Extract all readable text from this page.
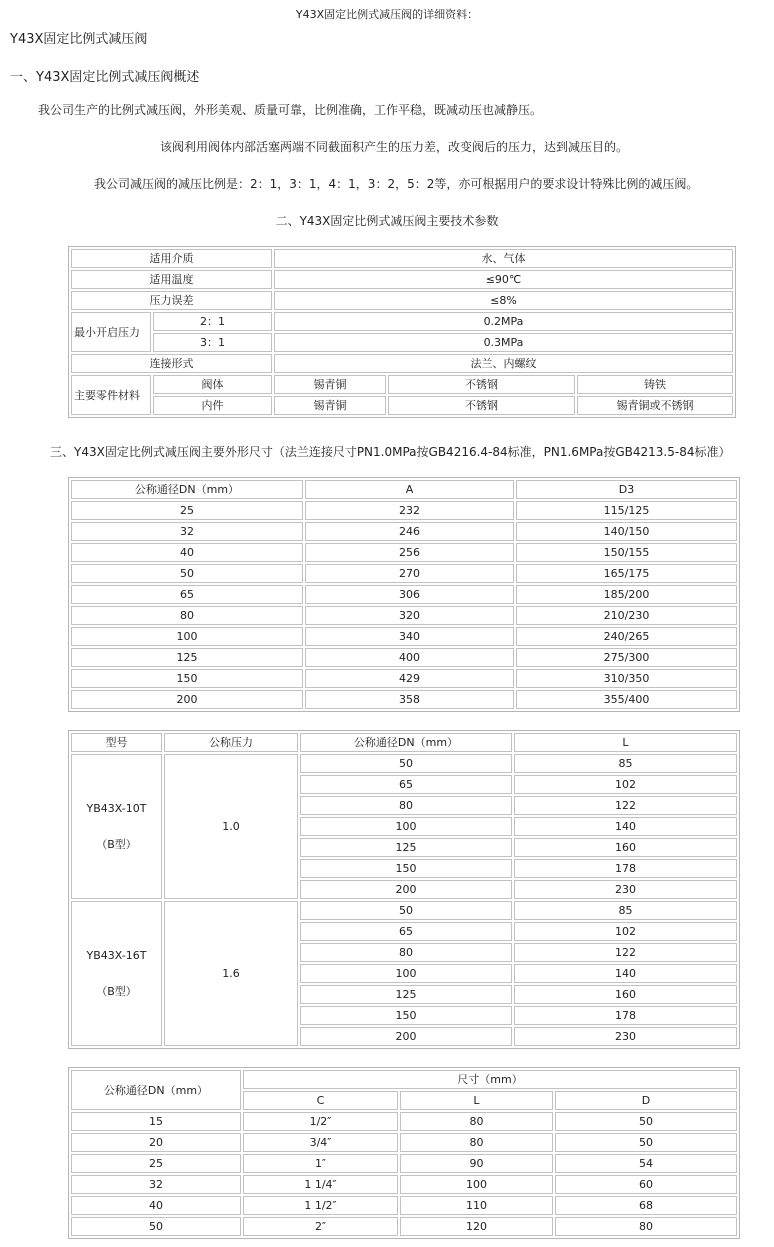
Y43X固定比例式减压阀的详细资料：
Y43X固定比例式减压阀
一、Y43X固定比例式减压阀概述
我公司生产的比例式减压阀，外形美观、质量可靠，比例准确，工作平稳，既减动压也减静压。
该阀利用阀体内部活塞两端不同截面积产生的压力差，改变阀后的压力，达到减压目的。
我公司减压阀的减压比例是：2：1，3：1，4：1，3：2，5：2等，亦可根据用户的要求设计特殊比例的减压阀。
二、Y43X固定比例式减压阀主要技术参数
适用介质		水、气体		
适用温度		≤90℃		
压力误差		≤8%		
最小开启压力	2：1	0.2MPa		
	3：1	0.3MPa		
连接形式		法兰、内螺纹		
主要零件材料	阀体	锡青铜	不锈钢	铸铁
	内件	锡青铜	不锈钢	锡青铜或不锈钢
三、Y43X固定比例式减压阀主要外形尺寸（法兰连接尺寸PN1.0MPa按GB4216.4-84标准，PN1.6MPa按GB4213.5-84标准）
公称通径DN（mm）	A	D3
25	232	115/125
32	246	140/150
40	256	150/155
50	270	165/175
65	306	185/200
80	320	210/230
100	340	240/265
125	400	275/300
150	429	310/350
200	358	355/400
型号	公称压力	公称通径DN（mm）	L

YB43X-10T
（B型）	1.0	50	85
		65	102
		80	122
		100	140
		125	160
		150	178
		200	230

YB43X-16T
（B型）	1.6	50	85
		65	102
		80	122
		100	140
		125	160
		150	178
		200	230
公称通径DN（mm）	尺寸（mm）		
	C	L	D
15	1/2″	80	50
20	3/4″	80	50
25	1″	90	54
32	1 1/4″	100	60
40	1 1/2″	110	68
50	2″	120	80
